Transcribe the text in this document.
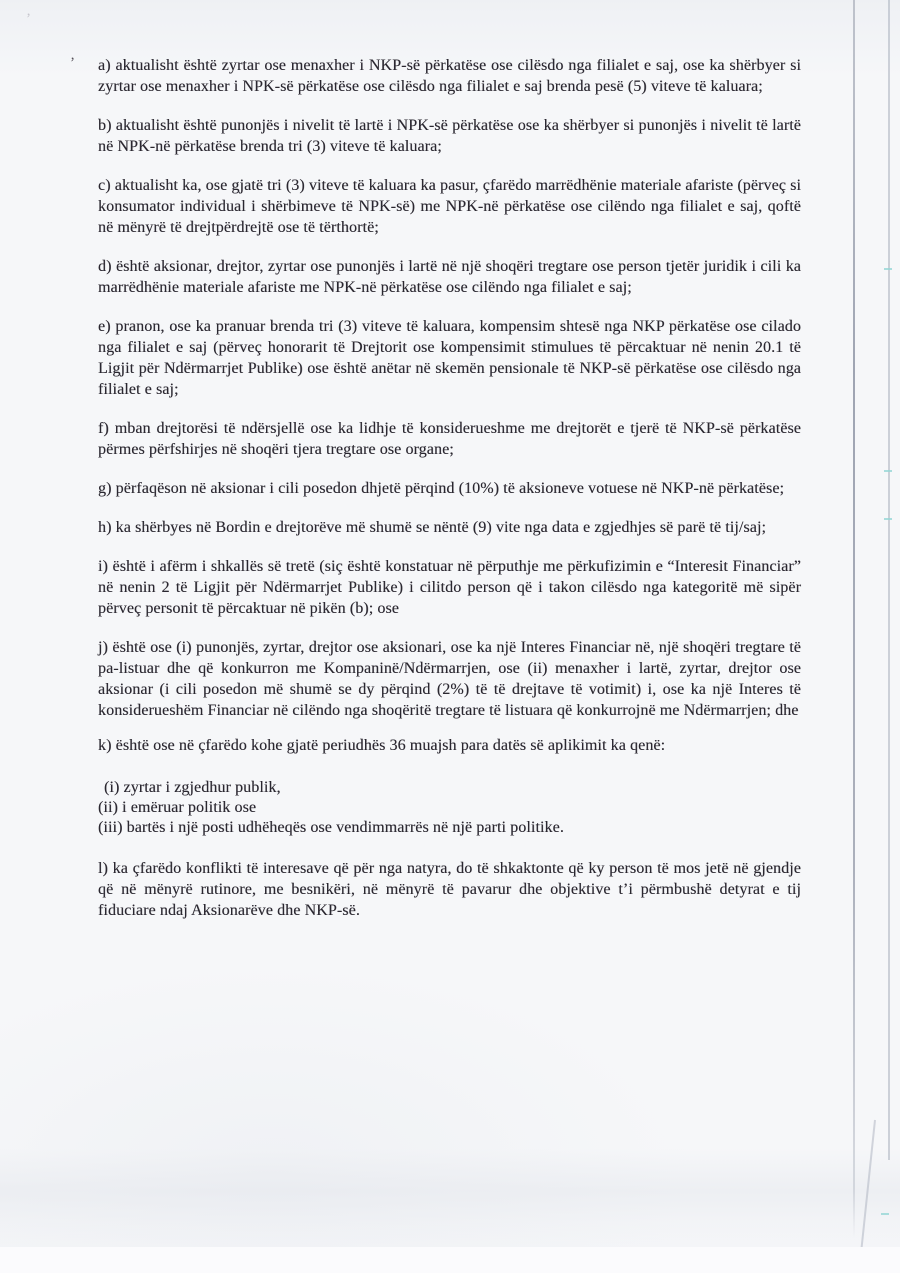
’
’ a) aktualisht është zyrtar ose menaxher i NKP-së përkatëse ose cilësdo nga filialet e saj, ose ka shërbyer si zyrtar ose menaxher i NPK-së përkatëse ose cilësdo nga filialet e saj brenda pesë (5) viteve të kaluara;

b) aktualisht është punonjës i nivelit të lartë i NPK-së përkatëse ose ka shërbyer si punonjës i nivelit të lartë në NPK-në përkatëse brenda tri (3) viteve të kaluara;

c) aktualisht ka, ose gjatë tri (3) viteve të kaluara ka pasur, çfarëdo marrëdhënie materiale afariste (përveç si konsumator individual i shërbimeve të NPK-së) me NPK-në përkatëse ose cilëndo nga filialet e saj, qoftë në mënyrë të drejtpërdrejtë ose të tërthortë;

d) është aksionar, drejtor, zyrtar ose punonjës i lartë në një shoqëri tregtare ose person tjetër juridik i cili ka marrëdhënie materiale afariste me NPK-në përkatëse ose cilëndo nga filialet e saj;

e) pranon, ose ka pranuar brenda tri (3) viteve të kaluara, kompensim shtesë nga NKP përkatëse ose cilado nga filialet e saj (përveç honorarit të Drejtorit ose kompensimit stimulues të përcaktuar në nenin 20.1 të Ligjit për Ndërmarrjet Publike) ose është anëtar në skemën pensionale të NKP-së përkatëse ose cilësdo nga filialet e saj;

f) mban drejtorësi të ndërsjellë ose ka lidhje të konsiderueshme me drejtorët e tjerë të NKP-së përkatëse përmes përfshirjes në shoqëri tjera tregtare ose organe;

g) përfaqëson në aksionar i cili posedon dhjetë përqind (10%) të aksioneve votuese në NKP-në përkatëse;

h) ka shërbyes në Bordin e drejtorëve më shumë se nëntë (9) vite nga data e zgjedhjes së parë të tij/saj;

i) është i afërm i shkallës së tretë (siç është konstatuar në përputhje me përkufizimin e “Interesit Financiar” në nenin 2 të Ligjit për Ndërmarrjet Publike) i cilitdo person që i takon cilësdo nga kategoritë më sipër përveç personit të përcaktuar në pikën (b); ose

j) është ose (i) punonjës, zyrtar, drejtor ose aksionari, ose ka një Interes Financiar në, një shoqëri tregtare të pa-listuar dhe që konkurron me Kompaninë/Ndërmarrjen, ose (ii) menaxher i lartë, zyrtar, drejtor ose aksionar (i cili posedon më shumë se dy përqind (2%) të të drejtave të votimit) i, ose ka një Interes të konsiderueshëm Financiar në cilëndo nga shoqëritë tregtare të listuara që konkurrojnë me Ndërmarrjen; dhe

k) është ose në çfarëdo kohe gjatë periudhës 36 muajsh para datës së aplikimit ka qenë:

(i) zyrtar i zgjedhur publik,

(ii) i emëruar politik ose

(iii) bartës i një posti udhëheqës ose vendimmarrës në një parti politike.

l) ka çfarëdo konflikti të interesave që për nga natyra, do të shkaktonte që ky person të mos jetë në gjendje që në mënyrë rutinore, me besnikëri, në mënyrë të pavarur dhe objektive t’i përmbushë detyrat e tij fiduciare ndaj Aksionarëve dhe NKP-së.
